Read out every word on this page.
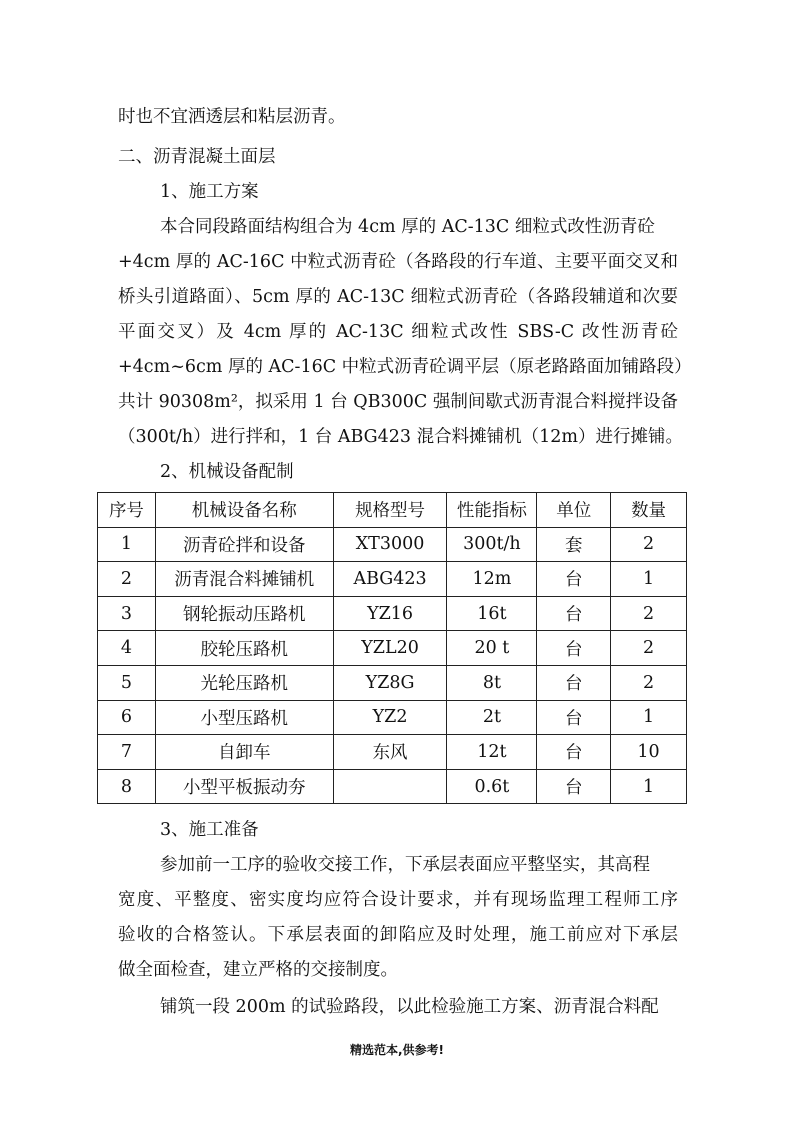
时也不宜洒透层和粘层沥青。
二、沥青混凝土面层
1、施工方案
本合同段路面结构组合为 4cm 厚的 AC-13C 细粒式改性沥青砼
+4cm 厚的 AC-16C 中粒式沥青砼（各路段的行车道、主要平面交叉和
桥头引道路面）、5cm 厚的 AC-13C 细粒式沥青砼（各路段辅道和次要
平面交叉）及 4cm 厚的 AC-13C 细粒式改性 SBS-C 改性沥青砼
+4cm~6cm 厚的 AC-16C 中粒式沥青砼调平层（原老路路面加铺路段）
共计 90308m²，拟采用 1 台 QB300C 强制间歇式沥青混合料搅拌设备
（300t/h）进行拌和，1 台 ABG423 混合料摊铺机（12m）进行摊铺。
2、机械设备配制
序号	机械设备名称	规格型号	性能指标	单位	数量
1	沥青砼拌和设备	XT3000	300t/h	套	2
2	沥青混合料摊铺机	ABG423	12m	台	1
3	钢轮振动压路机	YZ16	16t	台	2
4	胶轮压路机	YZL20	20 t	台	2
5	光轮压路机	YZ8G	8t	台	2
6	小型压路机	YZ2	2t	台	1
7	自卸车	东风	12t	台	10
8	小型平板振动夯		0.6t	台	1
3、施工准备
参加前一工序的验收交接工作，下承层表面应平整坚实，其高程
宽度、平整度、密实度均应符合设计要求，并有现场监理工程师工序
验收的合格签认。下承层表面的卸陷应及时处理，施工前应对下承层
做全面检查，建立严格的交接制度。
铺筑一段 200m 的试验路段，以此检验施工方案、沥青混合料配
精选范本,供参考!
